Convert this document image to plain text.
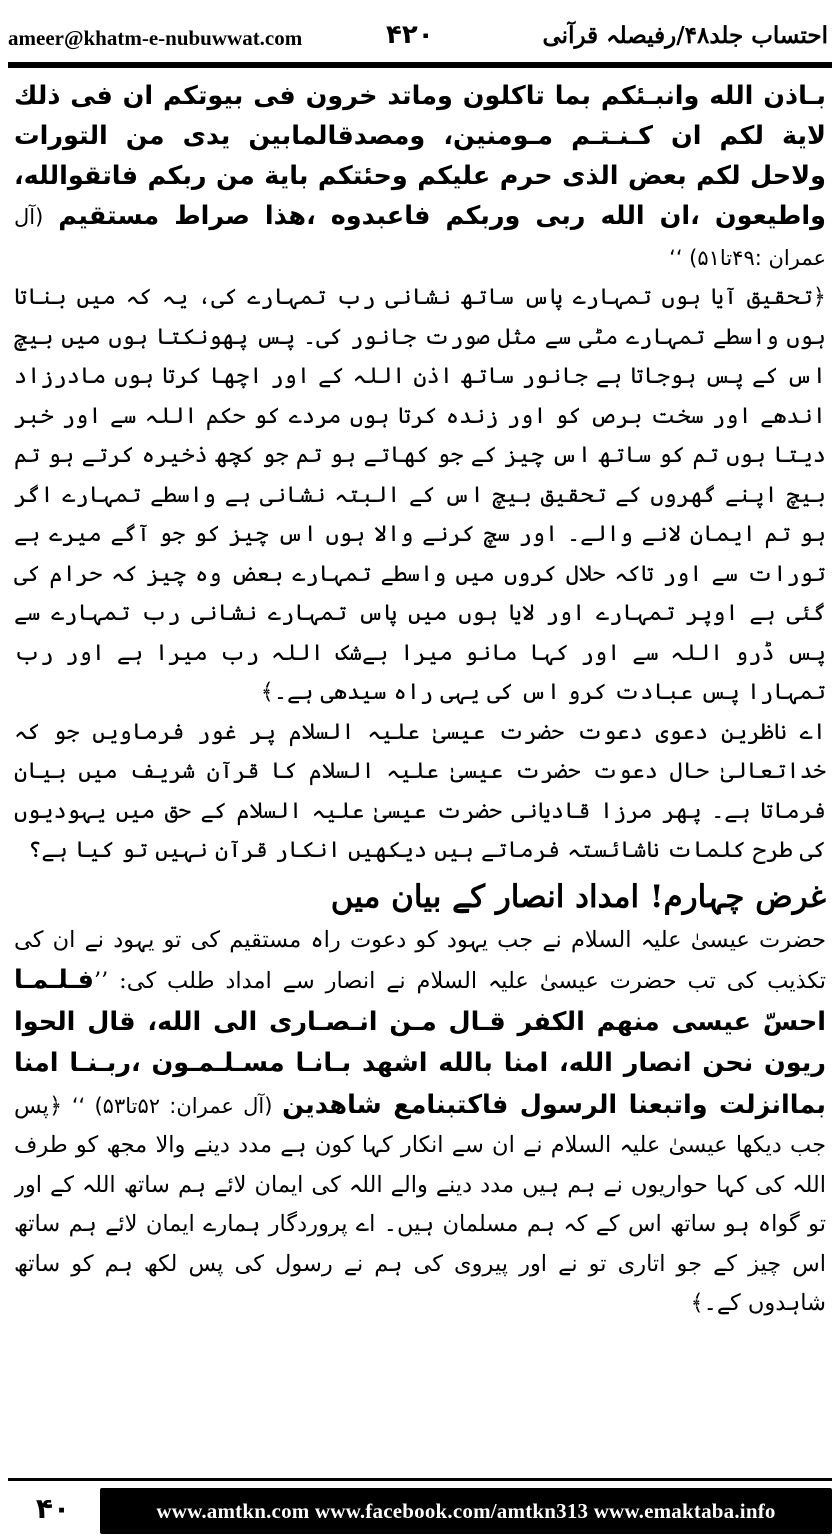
ameer@khatm-e-nubuwwat.com	۴۲۰	احتساب جلد۴۸/رفیصلہ قرآنی

بـاذن الله وانبـئكم بما تاكلون وماتد خرون فى بيوتكم ان فى ذلك لاية لكم ان كـنـتـم مـومنين، ومصدقالمابين يدى من التورات ولاحل لكم بعض الذى حرم عليكم وحئتكم باية من ربكم فاتقوالله، واطيعون ،ان الله ربى وربكم فاعبدوه ،هذا صراط مستقيم (آل عمران :۴۹تا۵۱) ‘‘

﴿تحقیق آیا ہوں تمہارے پاس ساتھ نشانی رب تمہارے کی، یہ کہ میں بناتا ہوں واسطے تمہارے مٹی سے مثل صورت جانور کی۔ پس پھونکتا ہوں میں بیچ اس کے پس ہوجاتا ہے جانور ساتھ اذن اللہ کے اور اچھا کرتا ہوں مادرزاد اندھے اور سخت برص کو اور زندہ کرتا ہوں مردے کو حکم اللہ سے اور خبر دیتا ہوں تم کو ساتھ اس چیز کے جو کھاتے ہو تم جو کچھ ذخیرہ کرتے ہو تم بیچ اپنے گھروں کے تحقیق بیچ اس کے البتہ نشانی ہے واسطے تمہارے اگر ہو تم ایمان لانے والے۔ اور سچ کرنے والا ہوں اس چیز کو جو آگے میرے ہے تورات سے اور تاکہ حلال کروں میں واسطے تمہارے بعض وہ چیز کہ حرام کی گئی ہے اوپر تمہارے اور لایا ہوں میں پاس تمہارے نشانی رب تمہارے سے پس ڈرو اللہ سے اور کہا مانو میرا بےشک اللہ رب میرا ہے اور رب تمہارا پس عبادت کرو اس کی یہی راہ سیدھی ہے۔﴾

اے ناظرین دعوی دعوت حضرت عیسیٰ علیہ السلام پر غور فرماویں جو کہ خداتعالیٰ حال دعوت حضرت عیسیٰ علیہ السلام کا قرآن شریف میں بیان فرماتا ہے۔ پھر مرزا قادیانی حضرت عیسیٰ علیہ السلام کے حق میں یہودیوں کی طرح کلمات ناشائستہ فرماتے ہیں دیکھیں انکار قرآن نہیں تو کیا ہے؟

غرض چہارم! امداد انصار کے بیان میں

حضرت عیسیٰ علیہ السلام نے جب یہود کو دعوت راہ مستقیم کی تو یہود نے ان کی تکذیب کی تب حضرت عیسیٰ علیہ السلام نے انصار سے امداد طلب کی: ’’فـلـمـا احسّ عيسى منهم الكفر قـال مـن انـصـارى الى الله، قال الحوا ريون نحن انصار الله، امنا بالله اشهد بـانـا مسـلـمـون ،ربـنـا امنا بماانزلت واتبعنا الرسول فاكتبنامع شاهدين (آل عمران: ۵۲تا۵۳) ‘‘ ﴿پس جب دیکھا عیسیٰ علیہ السلام نے ان سے انکار کہا کون ہے مدد دینے والا مجھ کو طرف اللہ کی کہا حواریوں نے ہم ہیں مدد دینے والے اللہ کی ایمان لائے ہم ساتھ اللہ کے اور تو گواہ ہو ساتھ اس کے کہ ہم مسلمان ہیں۔ اے پروردگار ہمارے ایمان لائے ہم ساتھ اس چیز کے جو اتاری تو نے اور پیروی کی ہم نے رسول کی پس لکھ ہم کو ساتھ شاہدوں کے۔﴾

۴۰	www.amtkn.com www.facebook.com/amtkn313 www.emaktaba.info
